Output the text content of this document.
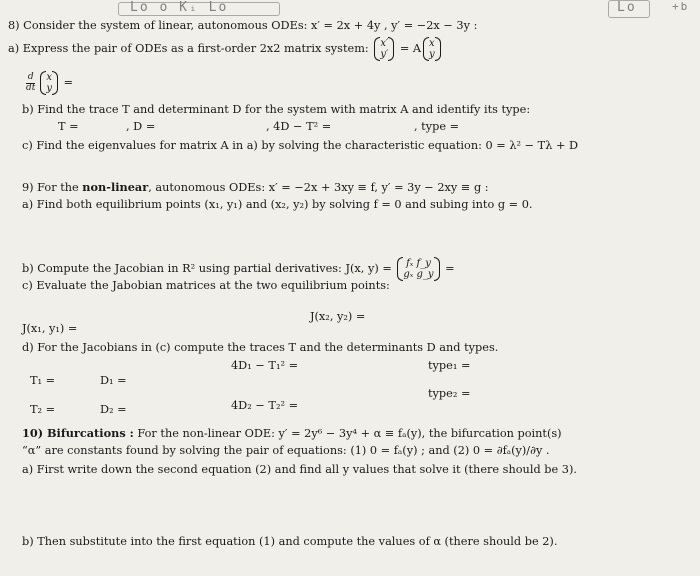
Lo o Kᵢ Lo	Lo	+b
8) Consider the system of linear, autonomous ODEs: x′ = 2x + 4y , y′ = −2x − 3y :
a) Express the pair of ODEs as a first-order 2x2 matrix system: x′
y′ = A x
y
$\frac{d}{dt}$ x
y =
b) Find the trace T and determinant D for the system with matrix A and identify its type:
T =	, D =	, 4D − T² =	, type =
c) Find the eigenvalues for matrix A in a) by solving the characteristic equation: 0 = λ² − Tλ + D
9) For the non-linear, autonomous ODEs: x′ = −2x + 3xy ≡ f, y′ = 3y − 2xy ≡ g :
a) Find both equilibrium points (x₁, y₁) and (x₂, y₂) by solving f = 0 and subing into g = 0.
b) Compute the Jacobian in R² using partial derivatives: J(x, y) = fₓ f_y
gₓ g_y =
c) Evaluate the Jabobian matrices at the two equilibrium points:
J(x₂, y₂) =
J(x₁, y₁) =
d) For the Jacobians in (c) compute the traces T and the determinants D and types.
4D₁ − T₁² =	type₁ =
T₁ =	D₁ =
type₂ =
4D₂ − T₂² =
T₂ =	D₂ =
10) Bifurcations : For the non-linear ODE: y′ = 2y⁶ − 3y⁴ + α ≡ fₐ(y), the bifurcation point(s)
“α” are constants found by solving the pair of equations: (1) 0 = fₐ(y) ; and (2) 0 = ∂fₐ(y)/∂y .
a) First write down the second equation (2) and find all y values that solve it (there should be 3).
b) Then substitute into the first equation (1) and compute the values of α (there should be 2).
